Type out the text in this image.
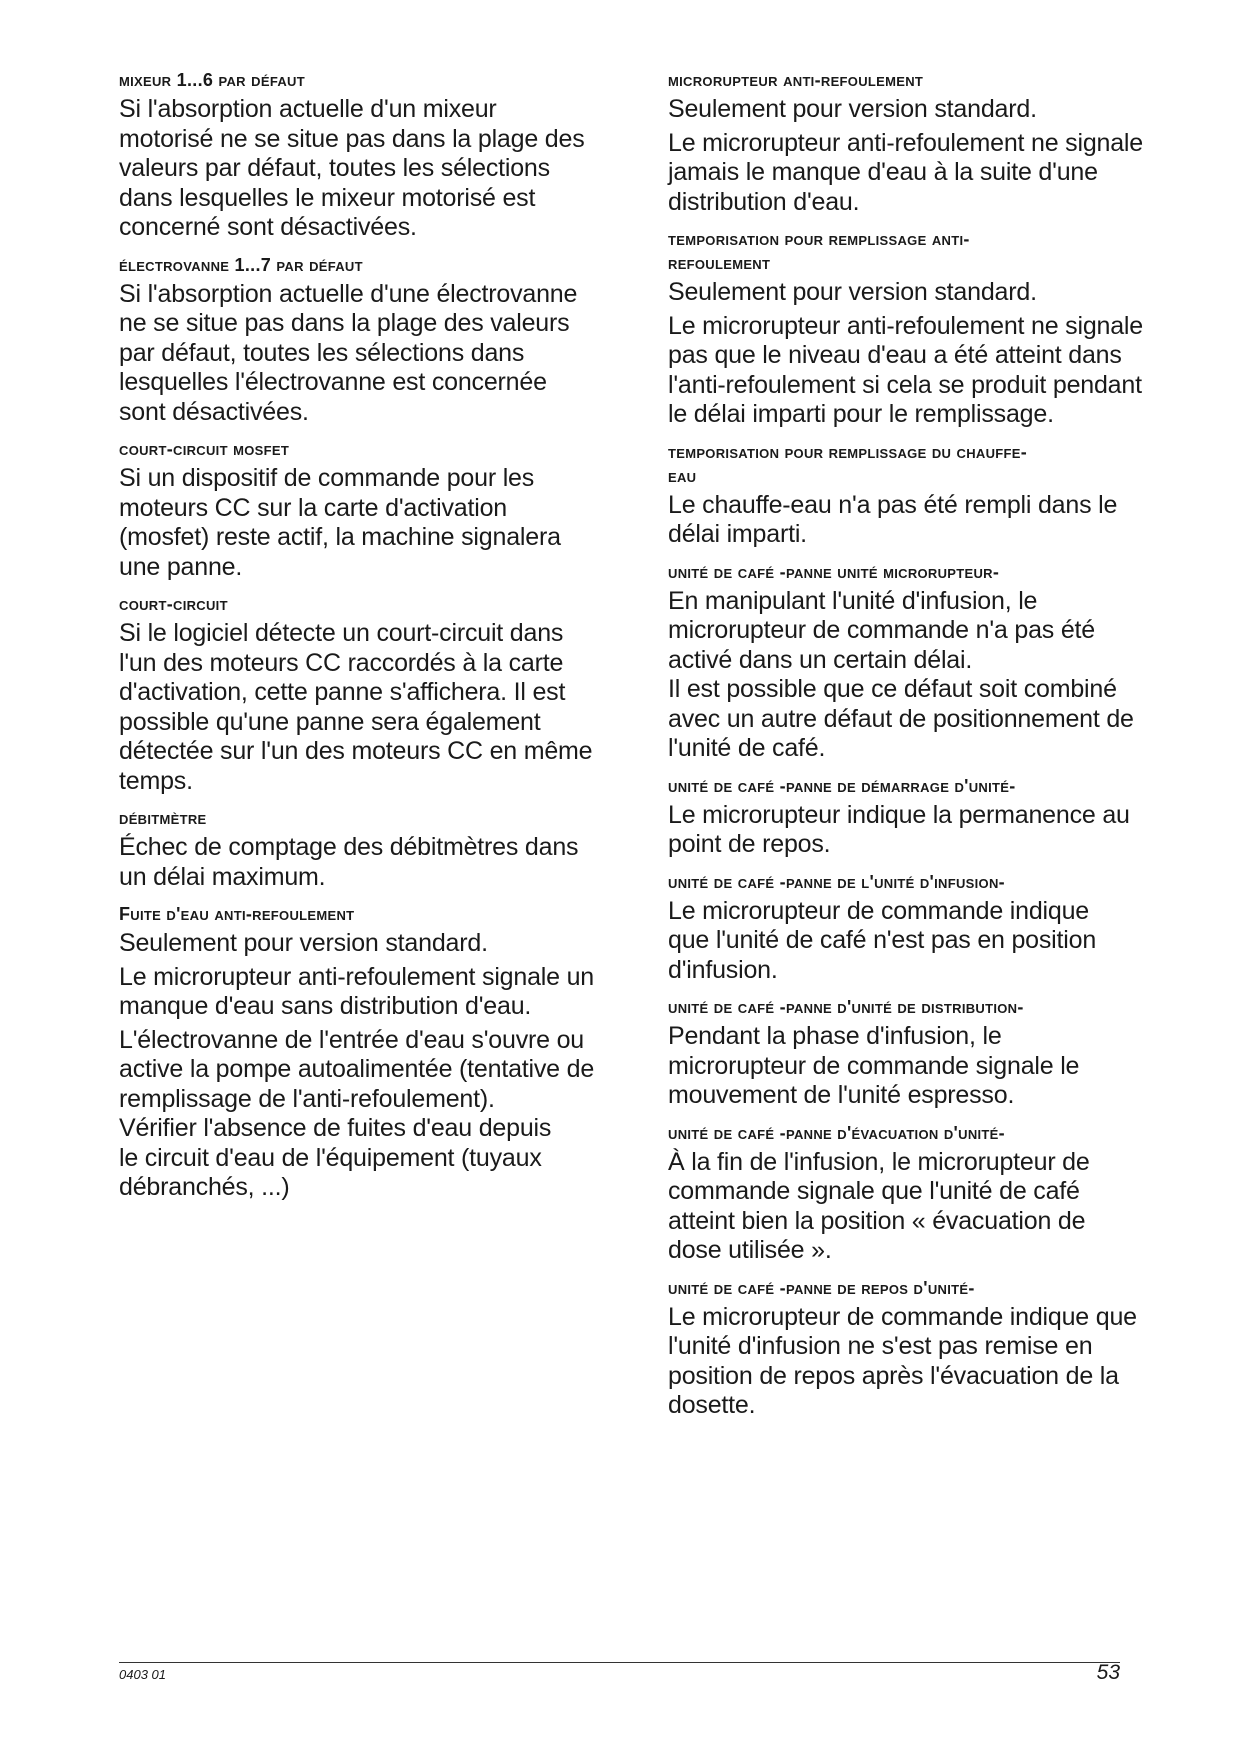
mixeur 1...6 par défaut
Si l'absorption actuelle d'un mixeur
motorisé ne se situe pas dans la plage des
valeurs par défaut, toutes les sélections
dans lesquelles le mixeur motorisé est
concerné sont désactivées.
électrovanne 1...7 par défaut
Si l'absorption actuelle d'une électrovanne
ne se situe pas dans la plage des valeurs
par défaut, toutes les sélections dans
lesquelles l'électrovanne est concernée
sont désactivées.
court-circuit mosfet
Si un dispositif de commande pour les
moteurs CC sur la carte d'activation
(mosfet) reste actif, la machine signalera
une panne.
court-circuit
Si le logiciel détecte un court-circuit dans
l'un des moteurs CC raccordés à la carte
d'activation, cette panne s'affichera. Il est
possible qu'une panne sera également
détectée sur l'un des moteurs CC en même
temps.
débitmètre
Échec de comptage des débitmètres dans
un délai maximum.
Fuite d'eau anti-refoulement
Seulement pour version standard.
Le microrupteur anti-refoulement signale un
manque d'eau sans distribution d'eau.
L'électrovanne de l'entrée d'eau s'ouvre ou
active la pompe autoalimentée (tentative de
remplissage de l'anti-refoulement).
Vérifier l'absence de fuites d'eau depuis
le circuit d'eau de l'équipement (tuyaux
débranchés, ...)
microrupteur anti-refoulement
Seulement pour version standard.
Le microrupteur anti-refoulement ne signale
jamais le manque d'eau à la suite d'une
distribution d'eau.
temporisation pour remplissage anti-
refoulement
Seulement pour version standard.
Le microrupteur anti-refoulement ne signale
pas que le niveau d'eau a été atteint dans
l'anti-refoulement si cela se produit pendant
le délai imparti pour le remplissage.
temporisation pour remplissage du chauffe-
eau
Le chauffe-eau n'a pas été rempli dans le
délai imparti.
unité de café -panne unité microrupteur-
En manipulant l'unité d'infusion, le
microrupteur de commande n'a pas été
activé dans un certain délai.
Il est possible que ce défaut soit combiné
avec un autre défaut de positionnement de
l'unité de café.
unité de café -panne de démarrage d'unité-
Le microrupteur indique la permanence au
point de repos.
unité de café -panne de l'unité d'infusion-
Le microrupteur de commande indique
que l'unité de café n'est pas en position
d'infusion.
unité de café -panne d'unité de distribution-
Pendant la phase d'infusion, le
microrupteur de commande signale le
mouvement de l'unité espresso.
unité de café -panne d'évacuation d'unité-
À la fin de l'infusion, le microrupteur de
commande signale que l'unité de café
atteint bien la position « évacuation de
dose utilisée ».
unité de café -panne de repos d'unité-
Le microrupteur de commande indique que
l'unité d'infusion ne s'est pas remise en
position de repos après l'évacuation de la
dosette.
0403 01	53
